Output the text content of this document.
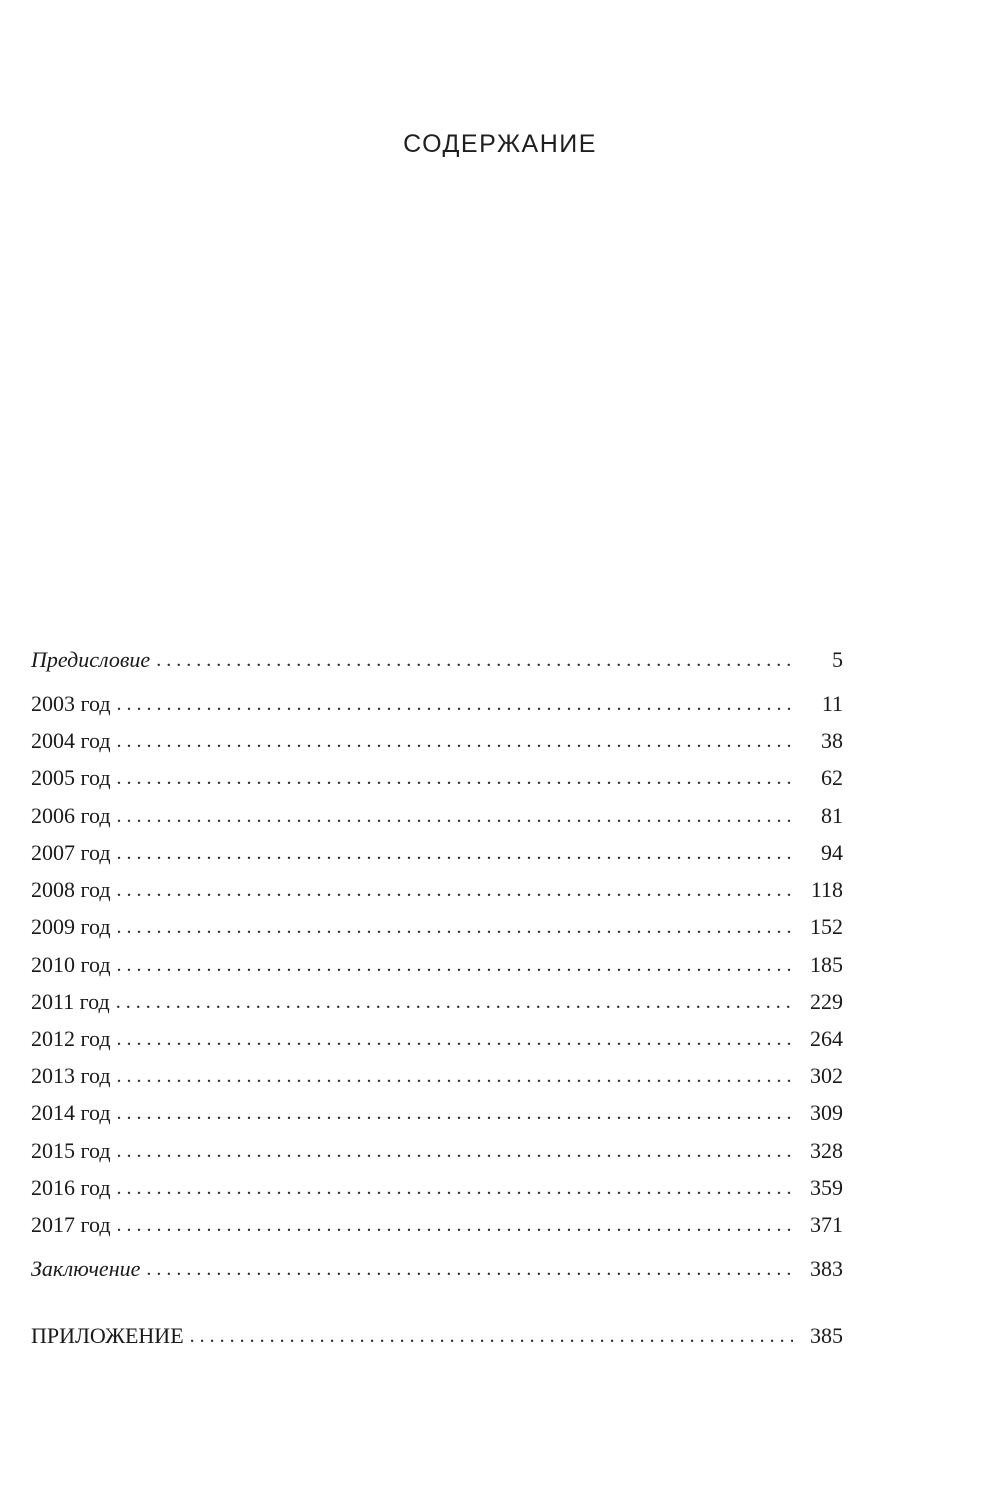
СОДЕРЖАНИЕ
Предисловие . . .	5
2003 год . . .	11
2004 год . . .	38
2005 год . . .	62
2006 год . . .	81
2007 год . . .	94
2008 год . . .	118
2009 год . . .	152
2010 год . . .	185
2011 год . . .	229
2012 год . . .	264
2013 год . . .	302
2014 год . . .	309
2015 год . . .	328
2016 год . . .	359
2017 год . . .	371
Заключение . . .	383
ПРИЛОЖЕНИЕ . . .	385
